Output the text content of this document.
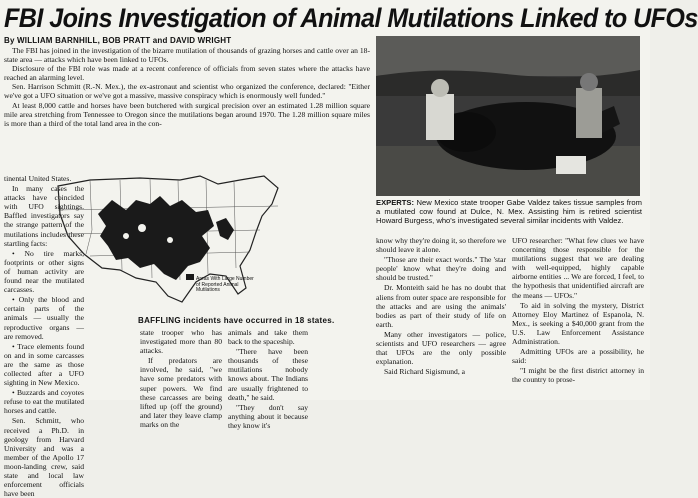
FBI Joins Investigation of Animal Mutilations Linked to UFOs
By WILLIAM BARNHILL, BOB PRATT and DAVID WRIGHT

The FBI has joined in the investigation of the bizarre mutilation of thousands of grazing horses and cattle over an 18-state area — attacks which have been linked to UFOs.

Disclosure of the FBI role was made at a recent conference of officials from seven states where the attacks have reached an alarming level.

Sen. Harrison Schmitt (R.-N. Mex.), the ex-astronaut and scientist who organized the conference, declared: "Either we've got a UFO situation or we've got a massive, massive conspiracy which is enormously well funded."

At least 8,000 cattle and horses have been butchered with surgical precision over an estimated 1.28 million square mile area stretching from Tennessee to Oregon since the mutilations began around 1970. The 1.28 million square miles is more than a third of the total land area in the con-

tinental United States.

In many cases the attacks have coincided with UFO sightings. Baffled investigators say the strange pattern of the mutilations includes these startling facts:

• No tire marks, footprints or other signs of human activity are found near the mutilated carcasses.

• Only the blood and certain parts of the animals — usually the reproductive organs — are removed.

• Trace elements found on and in some carcasses are the same as those collected after a UFO sighting in New Mexico.

• Buzzards and coyotes refuse to eat the mutilated horses and cattle.

Sen. Schmitt, who received a Ph.D. in geology from Harvard University and was a member of the Apollo 17 moon-landing crew, said state and local law enforcement officials have been

Areas With Large Number of Reported Animal Mutilations
BAFFLING incidents have occurred in 18 states.

state trooper who has investigated more than 80 attacks.

If predators are involved, he said, "we have some predators with super powers. We find these carcasses are being lifted up (off the ground) and later they leave clamp marks on the

animals and take them back to the spaceship.

"There have been thousands of these mutilations nobody knows about. The Indians are usually frightened to death," he said.

"They don't say anything about it because they know it's

EXPERTS: New Mexico state trooper Gabe Valdez takes tissue samples from a mutilated cow found at Dulce, N. Mex. Assisting him is retired scientist Howard Burgess, who's investigated several similar incidents with Valdez.

know why they're doing it, so therefore we should leave it alone.

"Those are their exact words." The 'star people' know what they're doing and should be trusted."

Dr. Monteith said he has no doubt that aliens from outer space are responsible for the attacks and are using the animals' bodies as part of their study of life on earth.

Many other investigators — police, scientists and UFO researchers — agree that UFOs are the only possible explanation.

Said Richard Sigismund, a

UFO researcher: "What few clues we have concerning those responsible for the mutilations suggest that we are dealing with well-equipped, highly capable airborne entities ... We are forced, I feel, to the hypothesis that unidentified aircraft are the means — UFOs."

To aid in solving the mystery, District Attorney Eloy Martinez of Espanola, N. Mex., is seeking a $40,000 grant from the U.S. Law Enforcement Assistance Administration.

Admitting UFOs are a possibility, he said:

"I might be the first district attorney in the country to prose-
